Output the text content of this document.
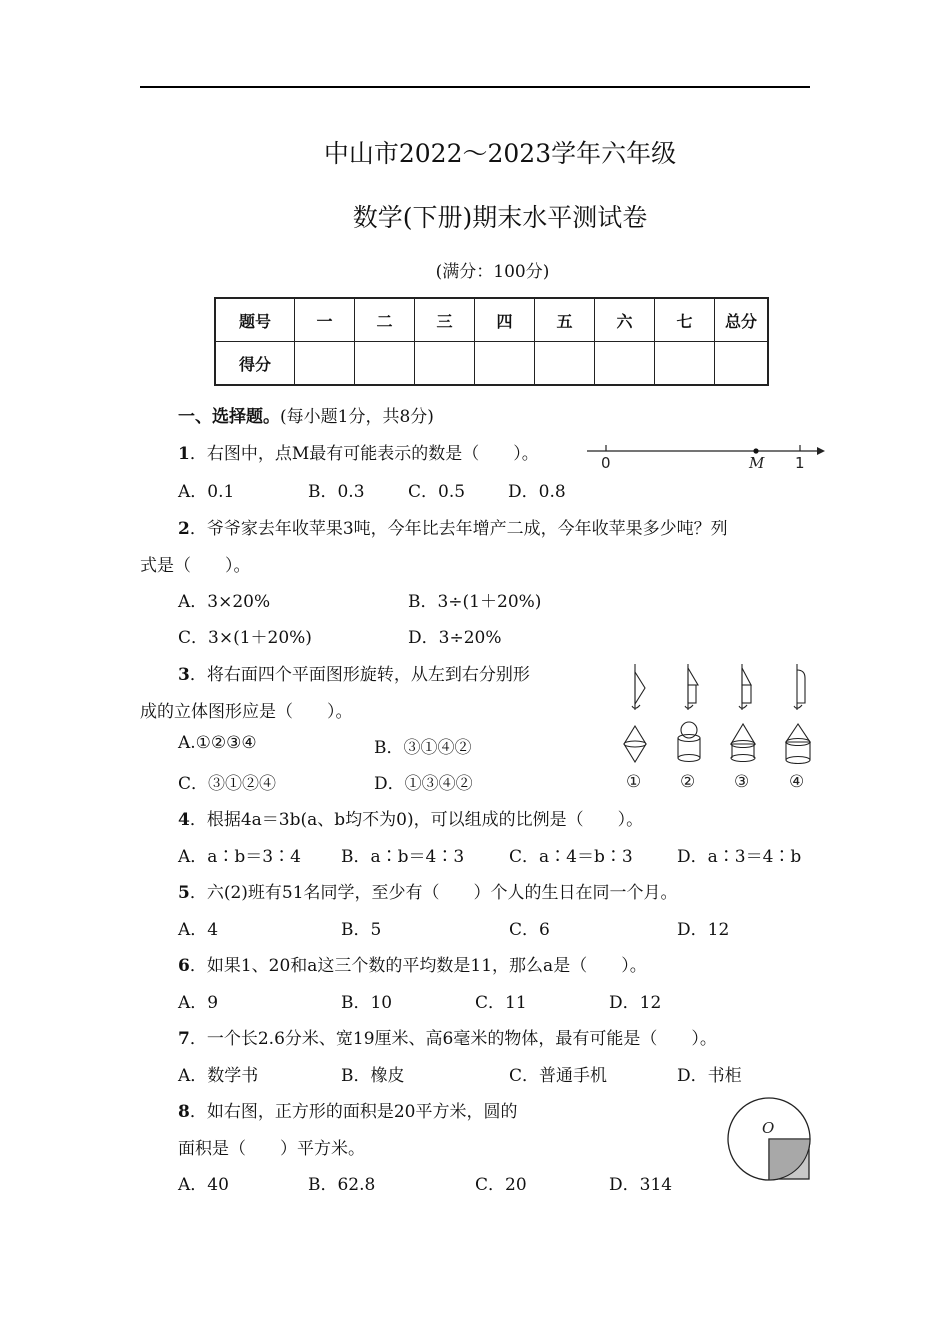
中山市2022～2023学年六年级
数学(下册)期末水平测试卷
(满分：100分)
题号	一	二	三	四	五	六	七	总分
得分								
一、选择题。(每小题1分，共8分)
1．右图中，点M最有可能表示的数是（　　）。	0	M 1
A．0.1	B．0.3	C．0.5	D．0.8
2．爷爷家去年收苹果3吨，今年比去年增产二成，今年收苹果多少吨？列
式是（　　）。
A．3×20%	B．3÷(1＋20%)
C．3×(1＋20%)	D．3÷20%
3．将右面四个平面图形旋转，从左到右分别形
成的立体图形应是（　　）。
A.①②③④	B．③①④②
C．③①②④	D．①③④②	① ② ③ ④
4．根据4a＝3b(a、b均不为0)，可以组成的比例是（　　）。
A．a∶b＝3∶4 B．a∶b＝4∶3	C．a∶4＝b∶3	D．a∶3＝4∶b
5．六(2)班有51名同学，至少有（　　）个人的生日在同一个月。
A．4	B．5	C．6	D．12
6．如果1、20和a这三个数的平均数是11，那么a是（　　）。
A．9	B．10	C．11	D．12
7．一个长2.6分米、宽19厘米、高6毫米的物体，最有可能是（　　）。
A．数学书	B．橡皮	C．普通手机	D．书柜
8．如右图，正方形的面积是20平方米，圆的
面积是（　　）平方米。
A．40	B．62.8	C．20	D．314
O
